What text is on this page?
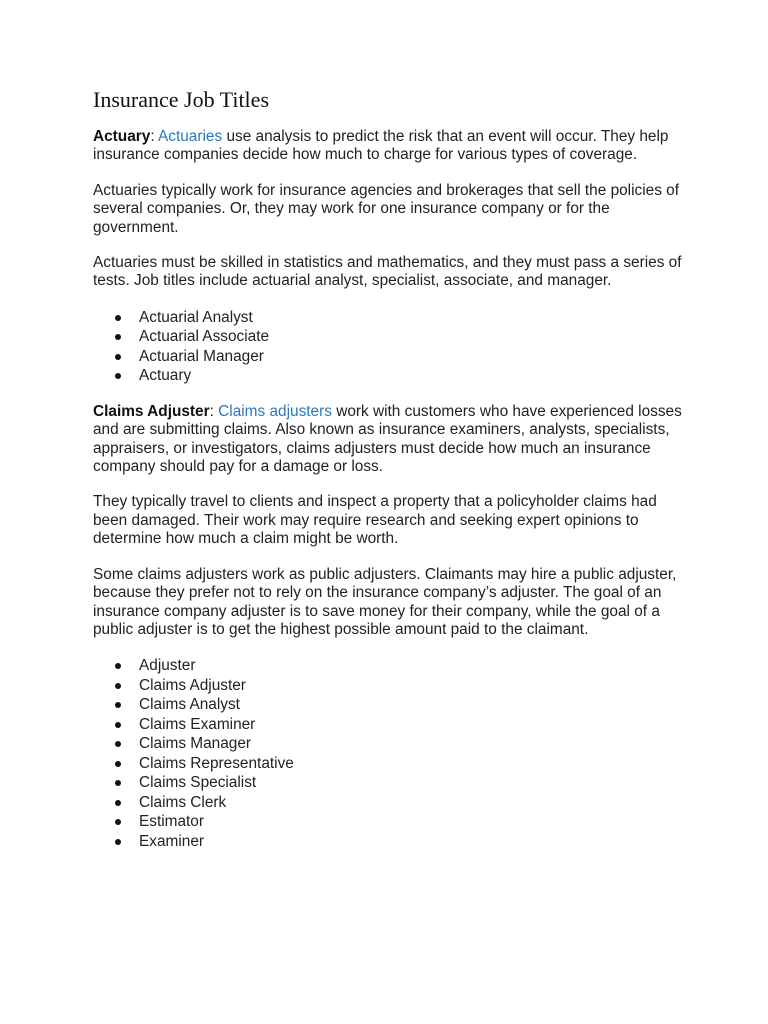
Insurance Job Titles

Actuary: Actuaries use analysis to predict the risk that an event will occur. They help insurance companies decide how much to charge for various types of coverage.

Actuaries typically work for insurance agencies and brokerages that sell the policies of several companies. Or, they may work for one insurance company or for the government.

Actuaries must be skilled in statistics and mathematics, and they must pass a series of tests. Job titles include actuarial analyst, specialist, associate, and manager.

Actuarial Analyst
Actuarial Associate
Actuarial Manager
Actuary

Claims Adjuster: Claims adjusters work with customers who have experienced losses and are submitting claims. Also known as insurance examiners, analysts, specialists, appraisers, or investigators, claims adjusters must decide how much an insurance company should pay for a damage or loss.

They typically travel to clients and inspect a property that a policyholder claims had been damaged. Their work may require research and seeking expert opinions to determine how much a claim might be worth.

Some claims adjusters work as public adjusters. Claimants may hire a public adjuster, because they prefer not to rely on the insurance company’s adjuster. The goal of an insurance company adjuster is to save money for their company, while the goal of a public adjuster is to get the highest possible amount paid to the claimant.

Adjuster
Claims Adjuster
Claims Analyst
Claims Examiner
Claims Manager
Claims Representative
Claims Specialist
Claims Clerk
Estimator
Examiner
